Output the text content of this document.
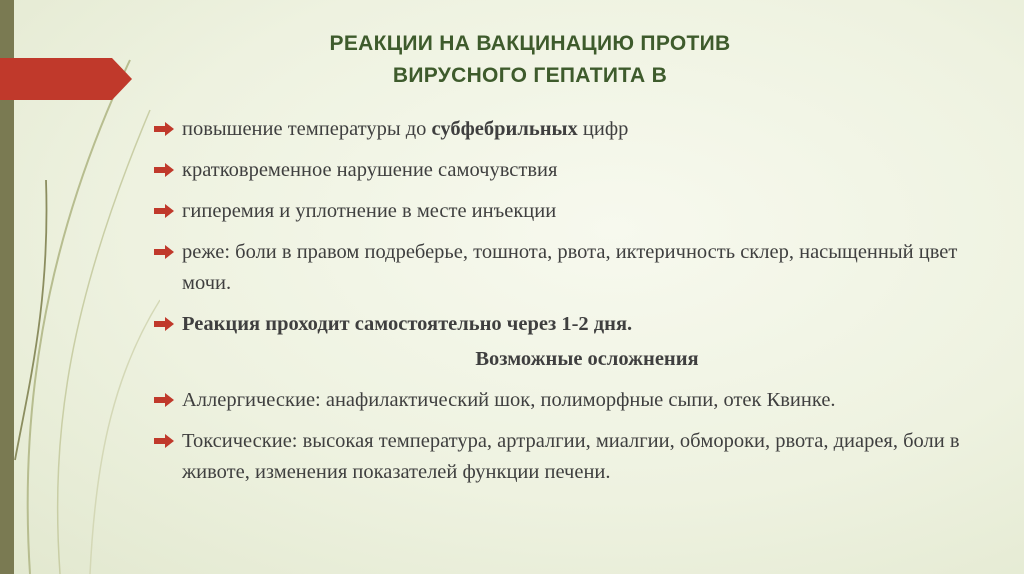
РЕАКЦИИ НА ВАКЦИНАЦИЮ ПРОТИВ
ВИРУСНОГО ГЕПАТИТА В
повышение температуры до субфебрильных цифр
кратковременное нарушение самочувствия
гиперемия и уплотнение в месте инъекции
реже: боли в правом подреберье, тошнота, рвота, иктеричность склер, насыщенный цвет мочи.
Реакция проходит самостоятельно через 1-2 дня.
Возможные осложнения
Аллергические: анафилактический шок, полиморфные сыпи, отек Квинке.
Токсические: высокая температура, артралгии, миалгии, обмороки, рвота, диарея, боли в животе, изменения показателей функции печени.
